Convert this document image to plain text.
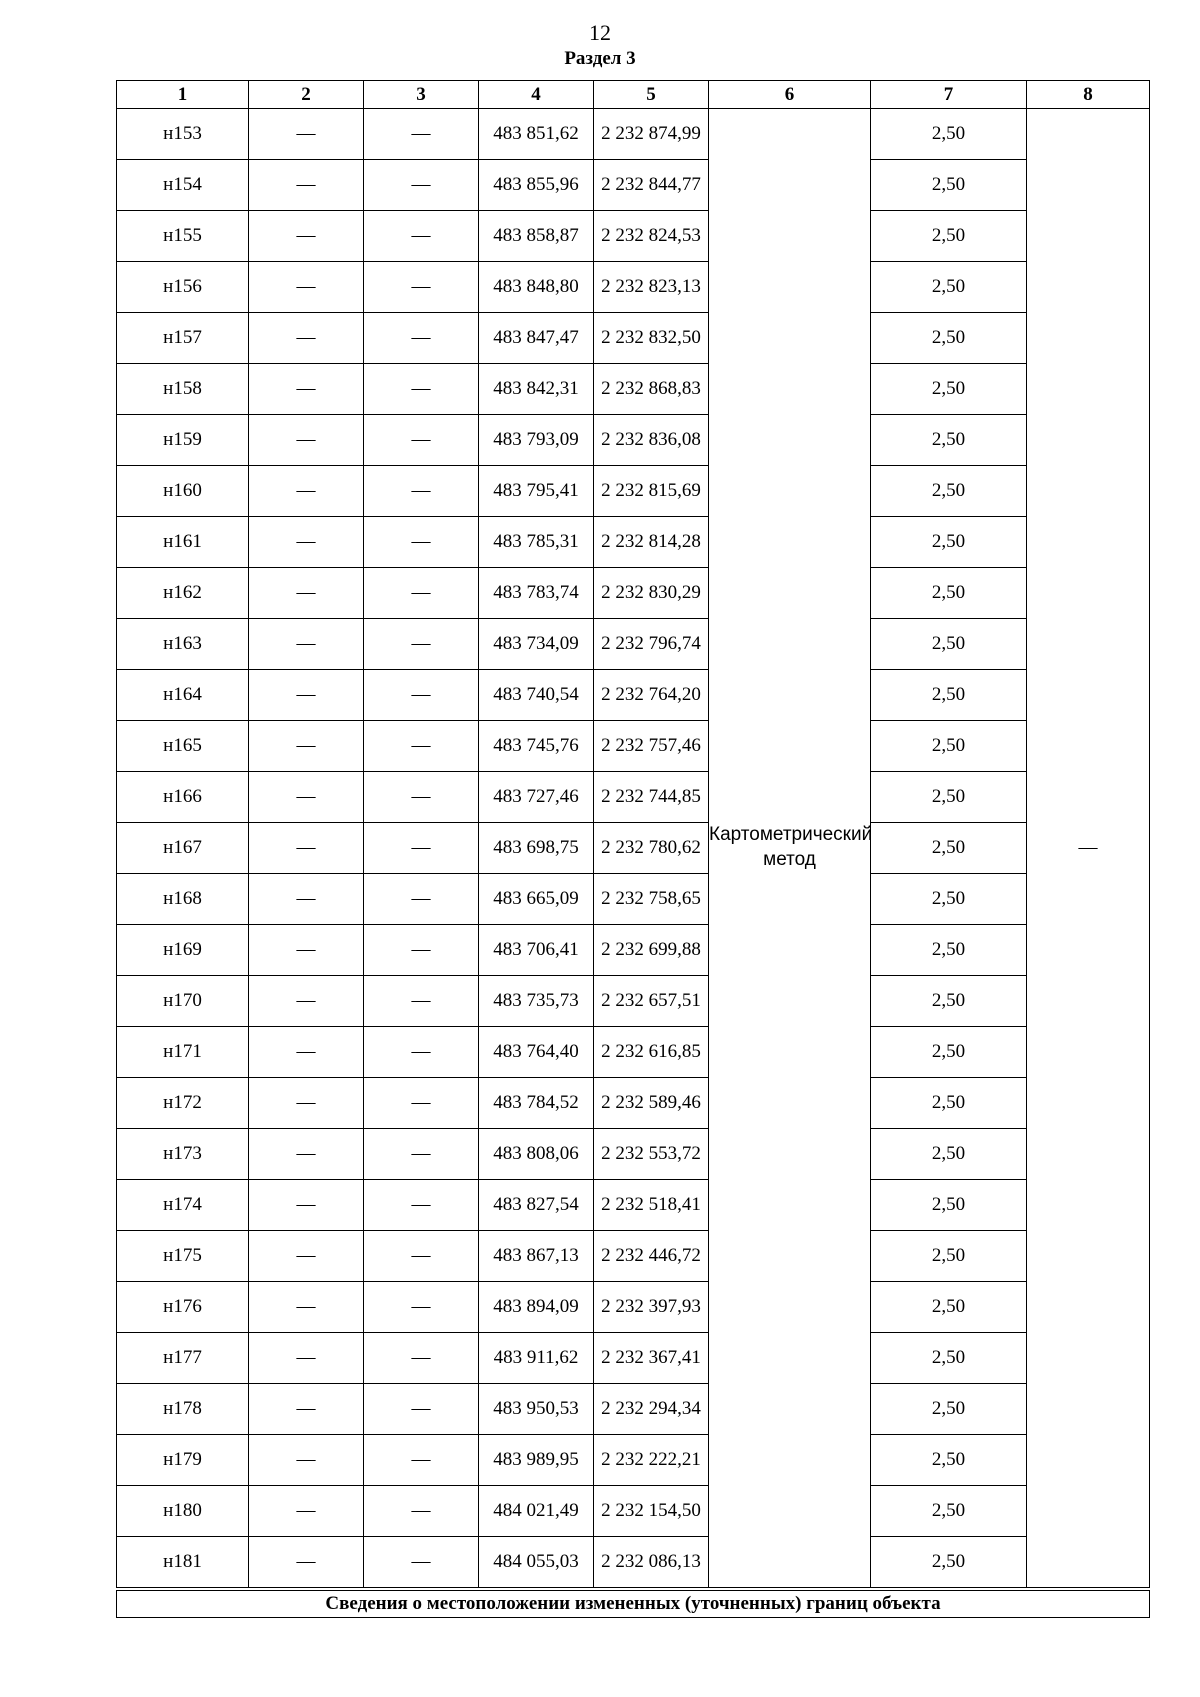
12
Раздел 3
1	2	3	4	5	6	7	8
н153	—	—	483 851,62	2 232 874,99	Картометрический метод	2,50	—
н154	—	—	483 855,96	2 232 844,77		2,50	
н155	—	—	483 858,87	2 232 824,53		2,50	
н156	—	—	483 848,80	2 232 823,13		2,50	
н157	—	—	483 847,47	2 232 832,50		2,50	
н158	—	—	483 842,31	2 232 868,83		2,50	
н159	—	—	483 793,09	2 232 836,08		2,50	
н160	—	—	483 795,41	2 232 815,69		2,50	
н161	—	—	483 785,31	2 232 814,28		2,50	
н162	—	—	483 783,74	2 232 830,29		2,50	
н163	—	—	483 734,09	2 232 796,74		2,50	
н164	—	—	483 740,54	2 232 764,20		2,50	
н165	—	—	483 745,76	2 232 757,46		2,50	
н166	—	—	483 727,46	2 232 744,85		2,50	
н167	—	—	483 698,75	2 232 780,62		2,50	
н168	—	—	483 665,09	2 232 758,65		2,50	
н169	—	—	483 706,41	2 232 699,88		2,50	
н170	—	—	483 735,73	2 232 657,51		2,50	
н171	—	—	483 764,40	2 232 616,85		2,50	
н172	—	—	483 784,52	2 232 589,46		2,50	
н173	—	—	483 808,06	2 232 553,72		2,50	
н174	—	—	483 827,54	2 232 518,41		2,50	
н175	—	—	483 867,13	2 232 446,72		2,50	
н176	—	—	483 894,09	2 232 397,93		2,50	
н177	—	—	483 911,62	2 232 367,41		2,50	
н178	—	—	483 950,53	2 232 294,34		2,50	
н179	—	—	483 989,95	2 232 222,21		2,50	
н180	—	—	484 021,49	2 232 154,50		2,50	
н181	—	—	484 055,03	2 232 086,13		2,50	
Сведения о местоположении измененных (уточненных) границ объекта							
